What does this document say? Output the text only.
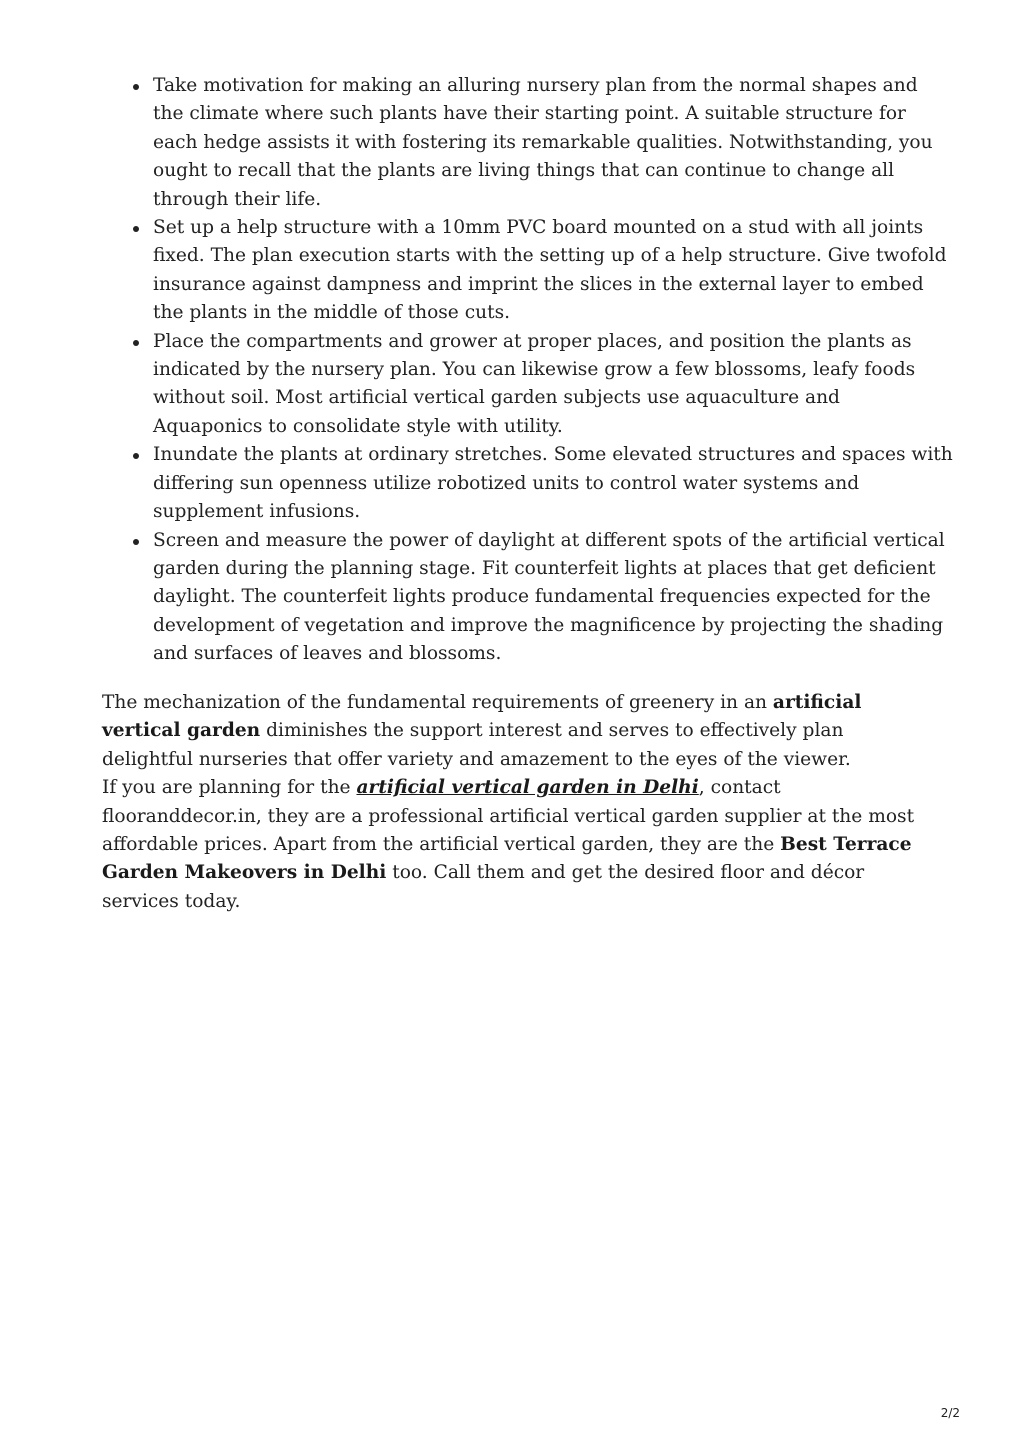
Take motivation for making an alluring nursery plan from the normal shapes and the climate where such plants have their starting point. A suitable structure for each hedge assists it with fostering its remarkable qualities. Notwithstanding, you ought to recall that the plants are living things that can continue to change all through their life.
Set up a help structure with a 10mm PVC board mounted on a stud with all joints fixed. The plan execution starts with the setting up of a help structure. Give twofold insurance against dampness and imprint the slices in the external layer to embed the plants in the middle of those cuts.
Place the compartments and grower at proper places, and position the plants as indicated by the nursery plan. You can likewise grow a few blossoms, leafy foods without soil. Most artificial vertical garden subjects use aquaculture and Aquaponics to consolidate style with utility.
Inundate the plants at ordinary stretches. Some elevated structures and spaces with differing sun openness utilize robotized units to control water systems and supplement infusions.
Screen and measure the power of daylight at different spots of the artificial vertical garden during the planning stage. Fit counterfeit lights at places that get deficient daylight. The counterfeit lights produce fundamental frequencies expected for the development of vegetation and improve the magnificence by projecting the shading and surfaces of leaves and blossoms.

The mechanization of the fundamental requirements of greenery in an artificial vertical garden diminishes the support interest and serves to effectively plan delightful nurseries that offer variety and amazement to the eyes of the viewer.

If you are planning for the artificial vertical garden in Delhi, contact flooranddecor.in, they are a professional artificial vertical garden supplier at the most affordable prices. Apart from the artificial vertical garden, they are the Best Terrace Garden Makeovers in Delhi too. Call them and get the desired floor and décor services today.

2/2
